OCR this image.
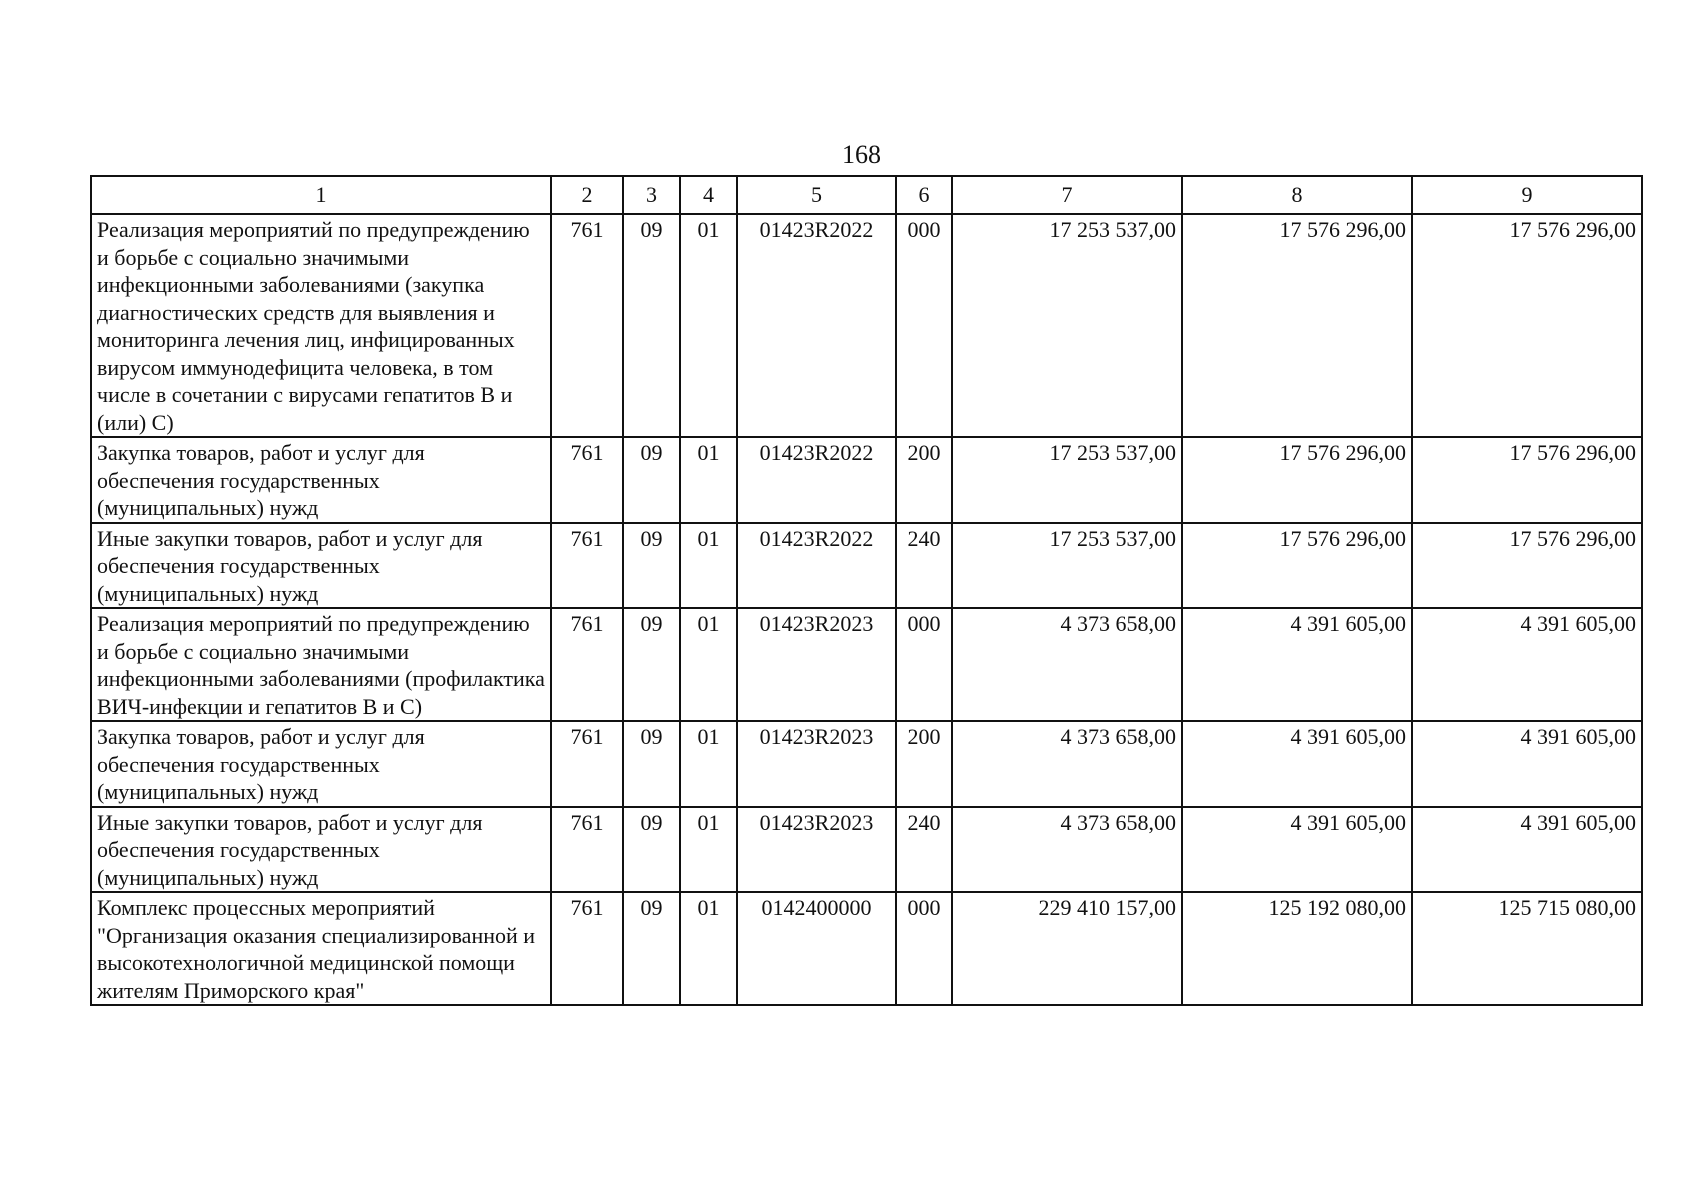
168
1	2	3	4	5	6	7	8	9
Реализация мероприятий по предупреждению и борьбе с социально значимыми инфекционными заболеваниями (закупка диагностических средств для выявления и мониторинга лечения лиц, инфицированных вирусом иммунодефицита человека, в том числе в сочетании с вирусами гепатитов B и (или) C)	761	09	01	01423R2022	000	17 253 537,00	17 576 296,00	17 576 296,00
Закупка товаров, работ и услуг для обеспечения государственных (муниципальных) нужд	761	09	01	01423R2022	200	17 253 537,00	17 576 296,00	17 576 296,00
Иные закупки товаров, работ и услуг для обеспечения государственных (муниципальных) нужд	761	09	01	01423R2022	240	17 253 537,00	17 576 296,00	17 576 296,00
Реализация мероприятий по предупреждению и борьбе с социально значимыми инфекционными заболеваниями (профилактика ВИЧ-инфекции и гепатитов B и C)	761	09	01	01423R2023	000	4 373 658,00	4 391 605,00	4 391 605,00
Закупка товаров, работ и услуг для обеспечения государственных (муниципальных) нужд	761	09	01	01423R2023	200	4 373 658,00	4 391 605,00	4 391 605,00
Иные закупки товаров, работ и услуг для обеспечения государственных (муниципальных) нужд	761	09	01	01423R2023	240	4 373 658,00	4 391 605,00	4 391 605,00
Комплекс процессных мероприятий "Организация оказания специализированной и высокотехнологичной медицинской помощи жителям Приморского края"	761	09	01	0142400000	000	229 410 157,00	125 192 080,00	125 715 080,00
